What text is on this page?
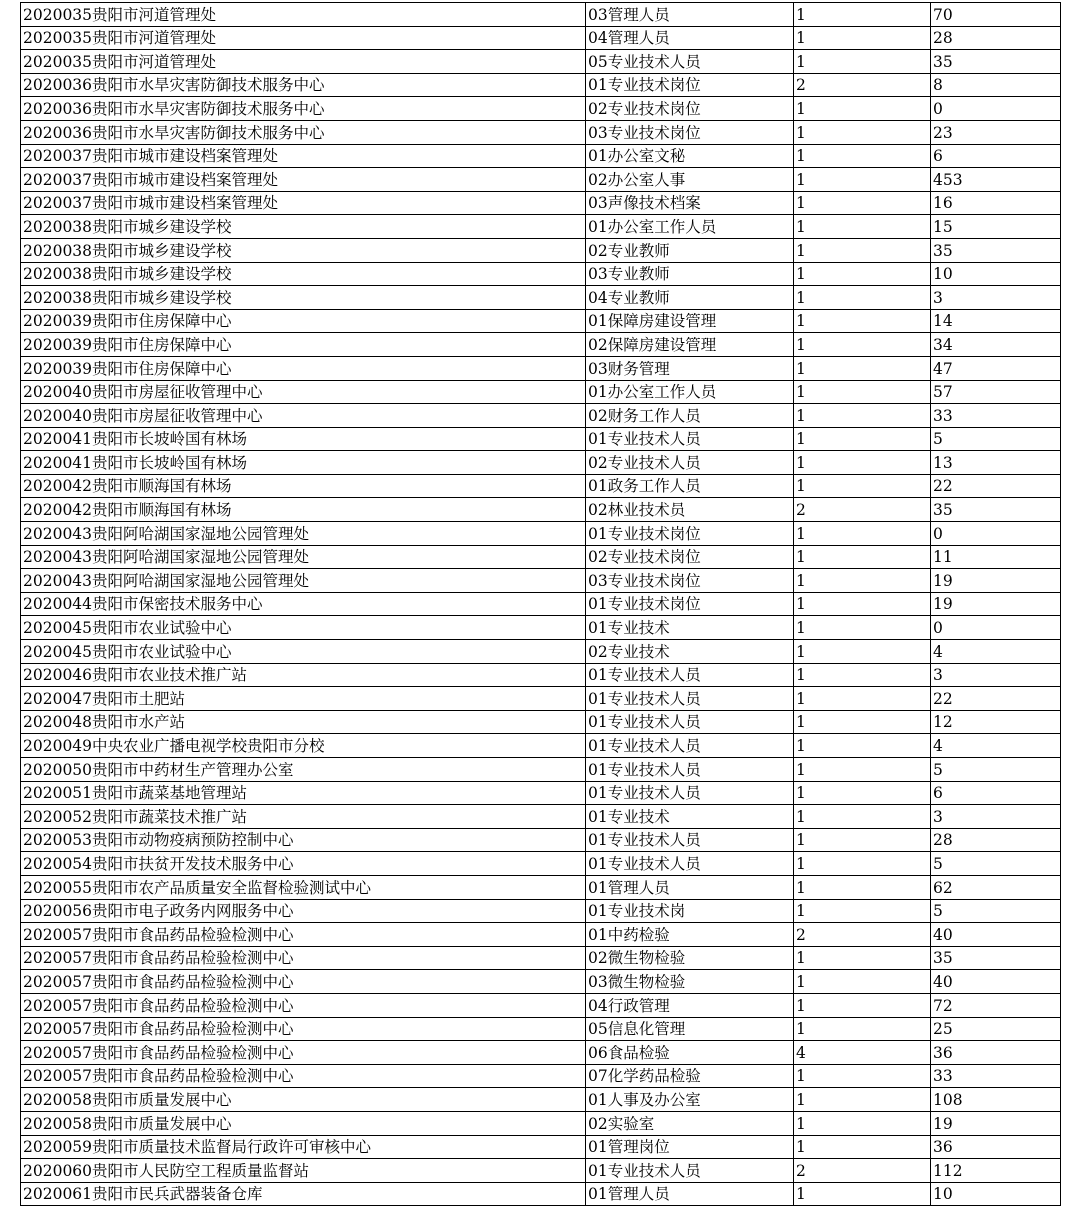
2020035贵阳市河道管理处	03管理人员	1	70
2020035贵阳市河道管理处	04管理人员	1	28
2020035贵阳市河道管理处	05专业技术人员	1	35
2020036贵阳市水旱灾害防御技术服务中心	01专业技术岗位	2	8
2020036贵阳市水旱灾害防御技术服务中心	02专业技术岗位	1	0
2020036贵阳市水旱灾害防御技术服务中心	03专业技术岗位	1	23
2020037贵阳市城市建设档案管理处	01办公室文秘	1	6
2020037贵阳市城市建设档案管理处	02办公室人事	1	453
2020037贵阳市城市建设档案管理处	03声像技术档案	1	16
2020038贵阳市城乡建设学校	01办公室工作人员	1	15
2020038贵阳市城乡建设学校	02专业教师	1	35
2020038贵阳市城乡建设学校	03专业教师	1	10
2020038贵阳市城乡建设学校	04专业教师	1	3
2020039贵阳市住房保障中心	01保障房建设管理	1	14
2020039贵阳市住房保障中心	02保障房建设管理	1	34
2020039贵阳市住房保障中心	03财务管理	1	47
2020040贵阳市房屋征收管理中心	01办公室工作人员	1	57
2020040贵阳市房屋征收管理中心	02财务工作人员	1	33
2020041贵阳市长坡岭国有林场	01专业技术人员	1	5
2020041贵阳市长坡岭国有林场	02专业技术人员	1	13
2020042贵阳市顺海国有林场	01政务工作人员	1	22
2020042贵阳市顺海国有林场	02林业技术员	2	35
2020043贵阳阿哈湖国家湿地公园管理处	01专业技术岗位	1	0
2020043贵阳阿哈湖国家湿地公园管理处	02专业技术岗位	1	11
2020043贵阳阿哈湖国家湿地公园管理处	03专业技术岗位	1	19
2020044贵阳市保密技术服务中心	01专业技术岗位	1	19
2020045贵阳市农业试验中心	01专业技术	1	0
2020045贵阳市农业试验中心	02专业技术	1	4
2020046贵阳市农业技术推广站	01专业技术人员	1	3
2020047贵阳市土肥站	01专业技术人员	1	22
2020048贵阳市水产站	01专业技术人员	1	12
2020049中央农业广播电视学校贵阳市分校	01专业技术人员	1	4
2020050贵阳市中药材生产管理办公室	01专业技术人员	1	5
2020051贵阳市蔬菜基地管理站	01专业技术人员	1	6
2020052贵阳市蔬菜技术推广站	01专业技术	1	3
2020053贵阳市动物疫病预防控制中心	01专业技术人员	1	28
2020054贵阳市扶贫开发技术服务中心	01专业技术人员	1	5
2020055贵阳市农产品质量安全监督检验测试中心	01管理人员	1	62
2020056贵阳市电子政务内网服务中心	01专业技术岗	1	5
2020057贵阳市食品药品检验检测中心	01中药检验	2	40
2020057贵阳市食品药品检验检测中心	02微生物检验	1	35
2020057贵阳市食品药品检验检测中心	03微生物检验	1	40
2020057贵阳市食品药品检验检测中心	04行政管理	1	72
2020057贵阳市食品药品检验检测中心	05信息化管理	1	25
2020057贵阳市食品药品检验检测中心	06食品检验	4	36
2020057贵阳市食品药品检验检测中心	07化学药品检验	1	33
2020058贵阳市质量发展中心	01人事及办公室	1	108
2020058贵阳市质量发展中心	02实验室	1	19
2020059贵阳市质量技术监督局行政许可审核中心	01管理岗位	1	36
2020060贵阳市人民防空工程质量监督站	01专业技术人员	2	112
2020061贵阳市民兵武器装备仓库	01管理人员	1	10
